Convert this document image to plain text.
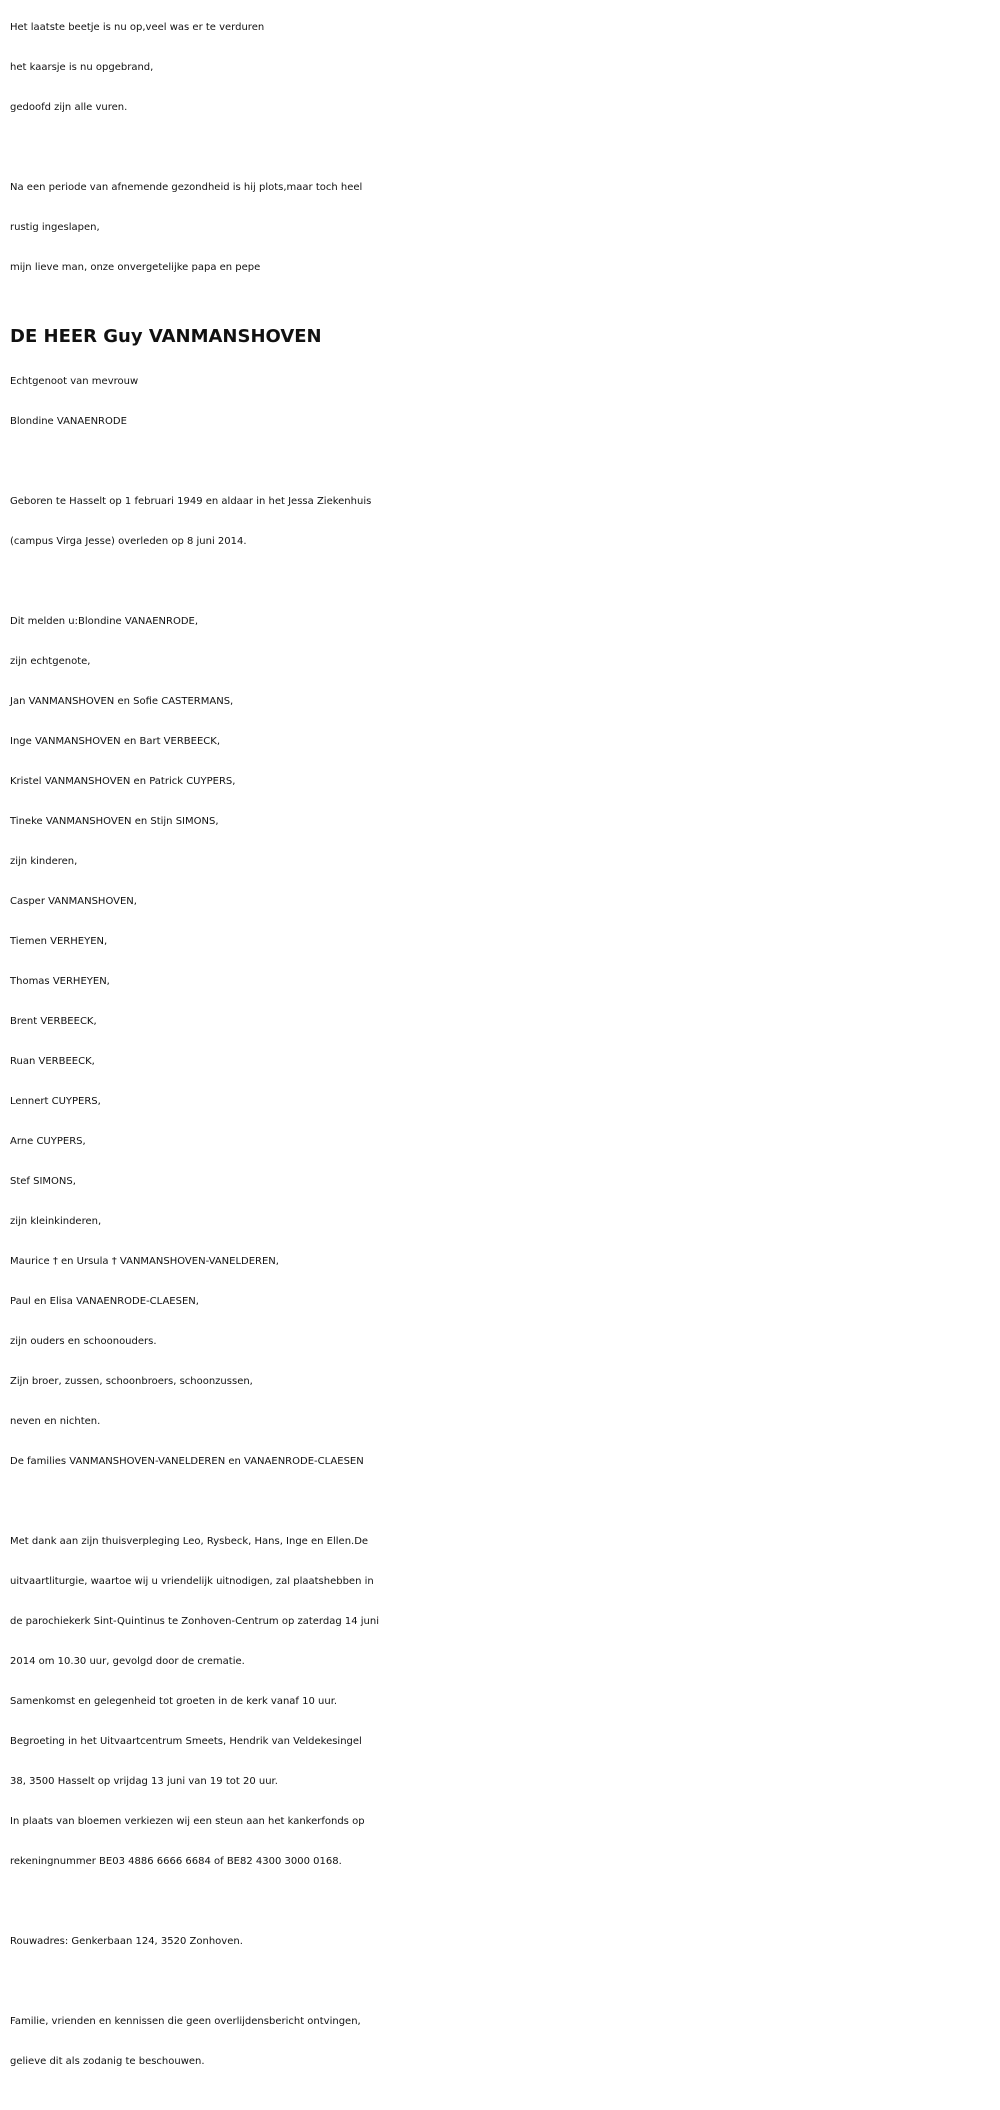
Het laatste beetje is nu op,veel was er te verduren
het kaarsje is nu opgebrand,
gedoofd zijn alle vuren.
Na een periode van afnemende gezondheid is hij plots,maar toch heel
rustig ingeslapen,
mijn lieve man, onze onvergetelijke papa en pepe
DE HEER Guy VANMANSHOVEN
Echtgenoot van mevrouw
Blondine VANAENRODE
Geboren te Hasselt op 1 februari 1949 en aldaar in het Jessa Ziekenhuis
(campus Virga Jesse) overleden op 8 juni 2014.
Dit melden u:Blondine VANAENRODE,
zijn echtgenote,
Jan VANMANSHOVEN en Sofie CASTERMANS,
Inge VANMANSHOVEN en Bart VERBEECK,
Kristel VANMANSHOVEN en Patrick CUYPERS,
Tineke VANMANSHOVEN en Stijn SIMONS,
zijn kinderen,
Casper VANMANSHOVEN,
Tiemen VERHEYEN,
Thomas VERHEYEN,
Brent VERBEECK,
Ruan VERBEECK,
Lennert CUYPERS,
Arne CUYPERS,
Stef SIMONS,
zijn kleinkinderen,
Maurice † en Ursula † VANMANSHOVEN-VANELDEREN,
Paul en Elisa VANAENRODE-CLAESEN,
zijn ouders en schoonouders.
Zijn broer, zussen, schoonbroers, schoonzussen,
neven en nichten.
De families VANMANSHOVEN-VANELDEREN en VANAENRODE-CLAESEN
Met dank aan zijn thuisverpleging Leo, Rysbeck, Hans, Inge en Ellen.De
uitvaartliturgie, waartoe wij u vriendelijk uitnodigen, zal plaatshebben in
de parochiekerk Sint-Quintinus te Zonhoven-Centrum op zaterdag 14 juni
2014 om 10.30 uur, gevolgd door de crematie.
Samenkomst en gelegenheid tot groeten in de kerk vanaf 10 uur.
Begroeting in het Uitvaartcentrum Smeets, Hendrik van Veldekesingel
38, 3500 Hasselt op vrijdag 13 juni van 19 tot 20 uur.
In plaats van bloemen verkiezen wij een steun aan het kankerfonds op
rekeningnummer BE03 4886 6666 6684 of BE82 4300 3000 0168.
Rouwadres: Genkerbaan 124, 3520 Zonhoven.
Familie, vrienden en kennissen die geen overlijdensbericht ontvingen,
gelieve dit als zodanig te beschouwen.
